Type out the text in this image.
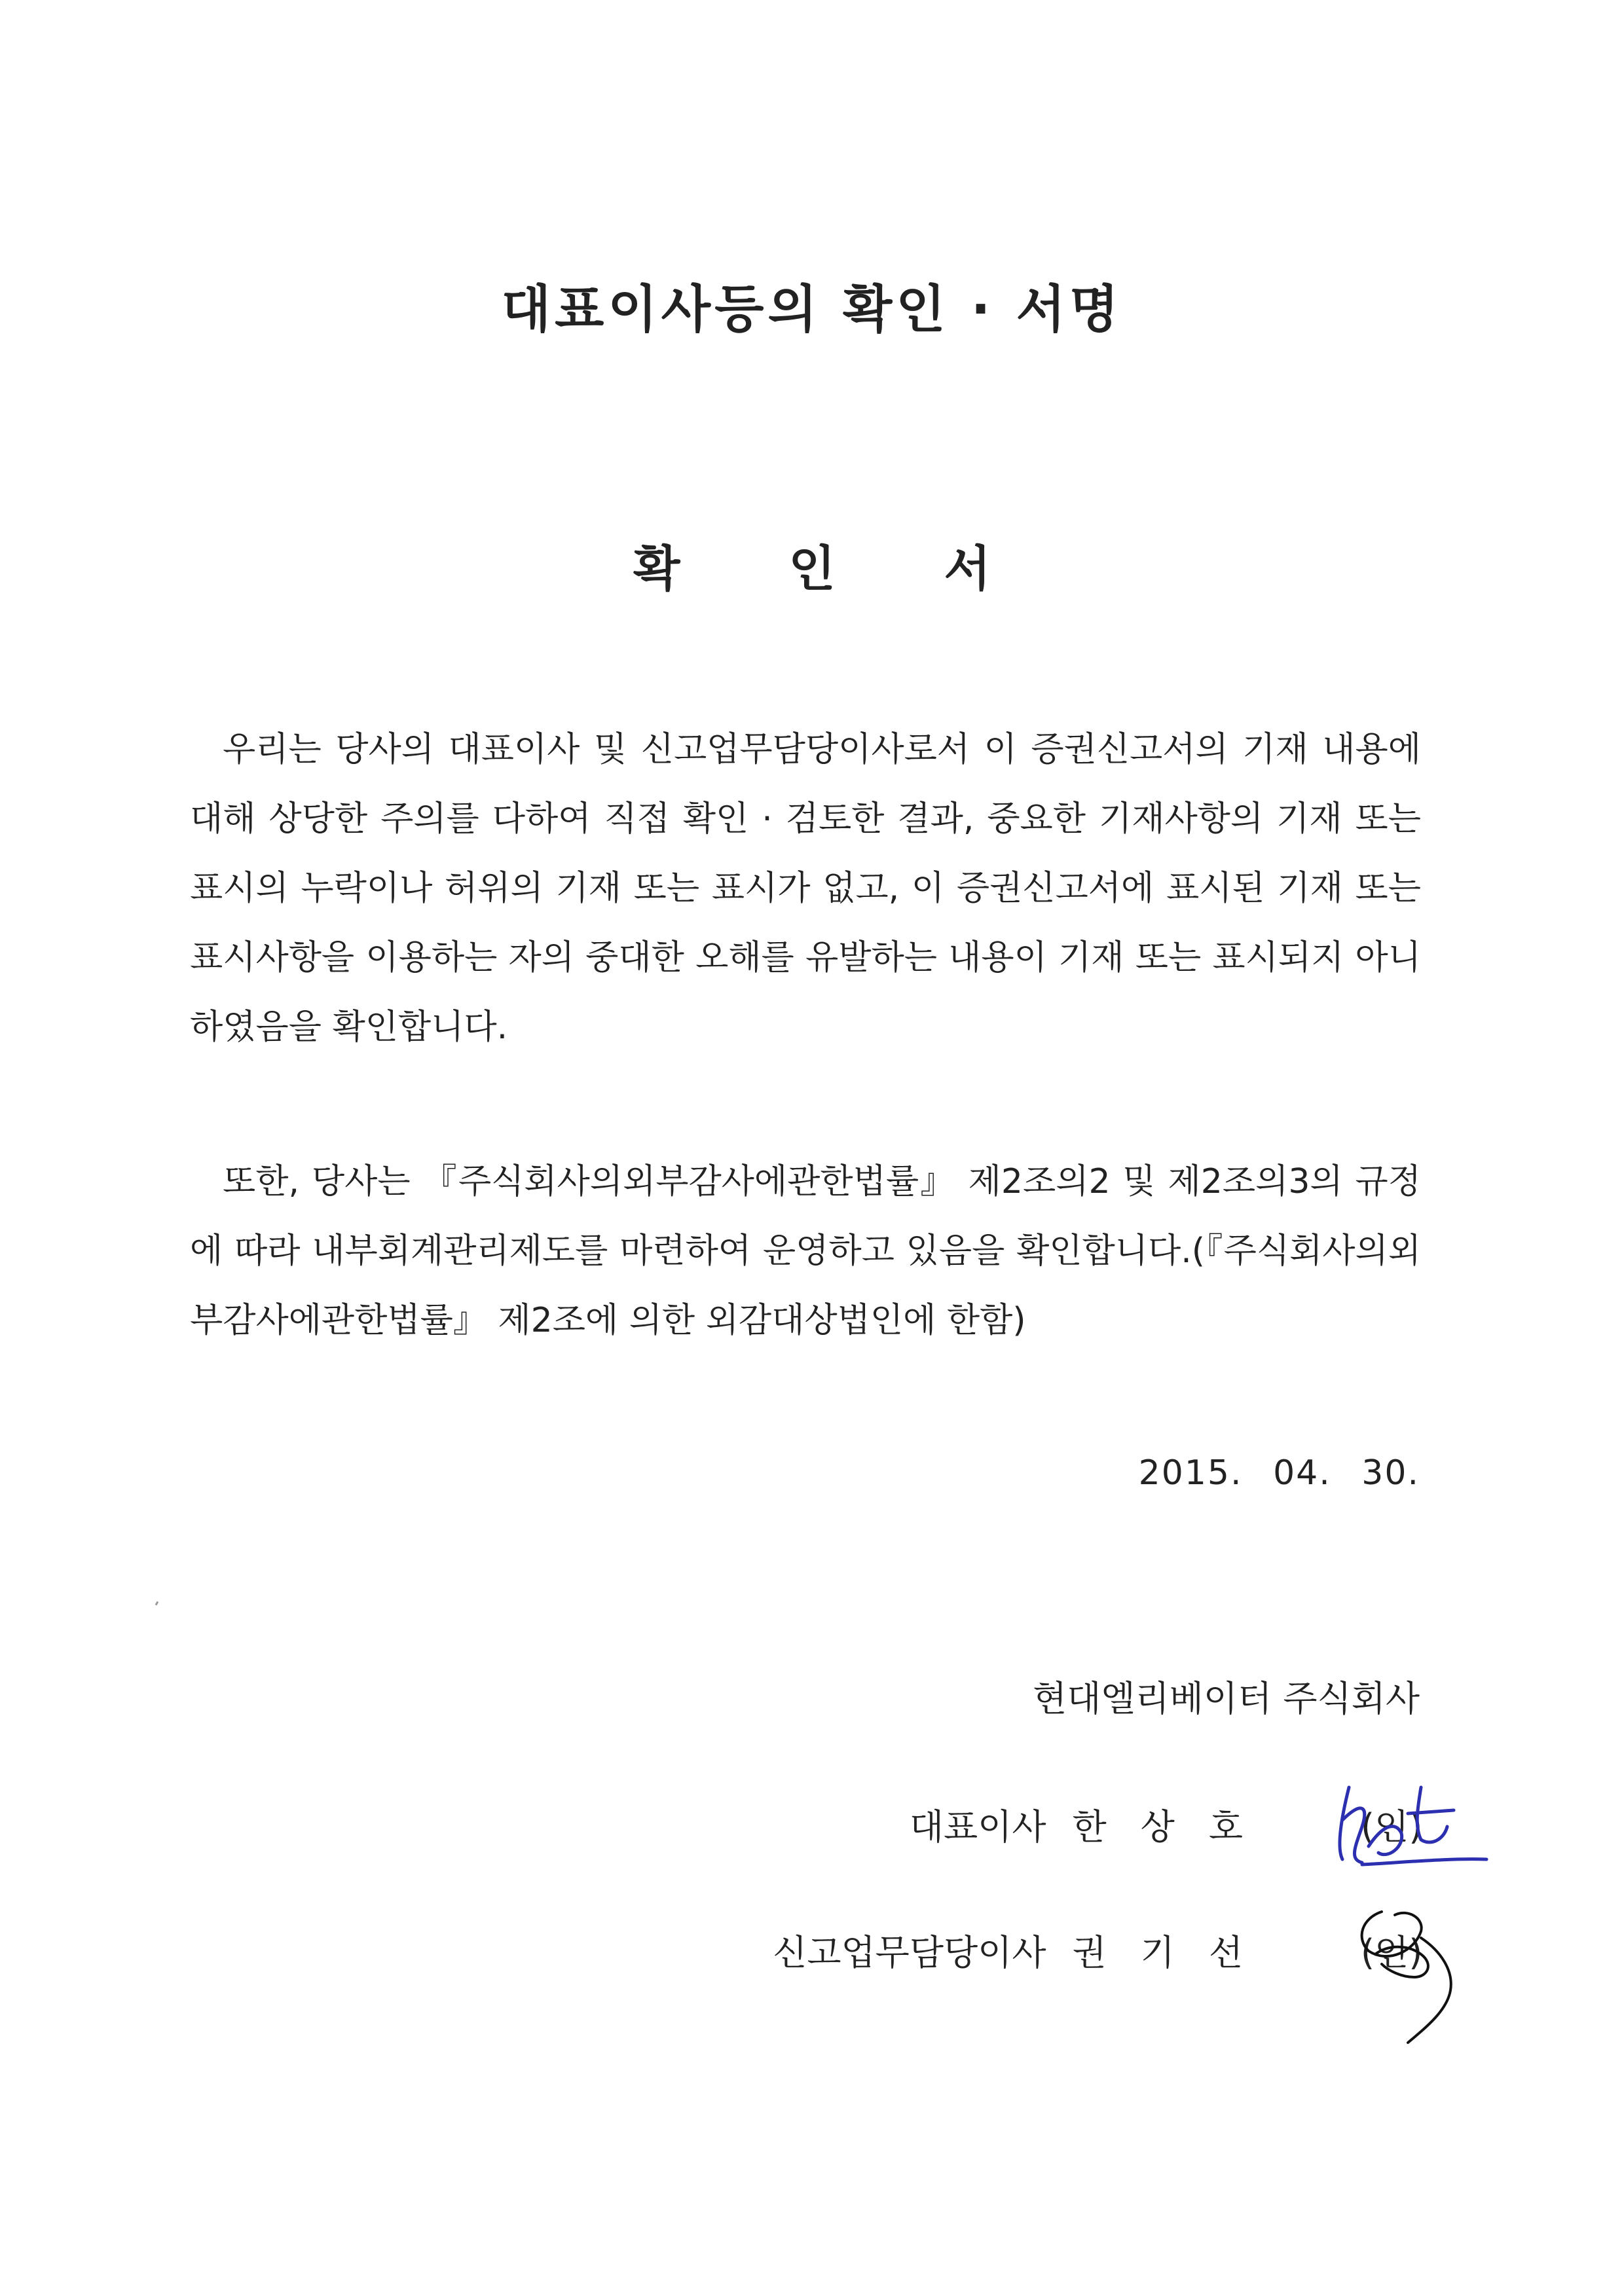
대표이사등의 확인 · 서명
확 인 서
우리는 당사의 대표이사 및 신고업무담당이사로서 이 증권신고서의 기재 내용에 대해 상당한 주의를 다하여 직접 확인 · 검토한 결과, 중요한 기재사항의 기재 또는 표시의 누락이나 허위의 기재 또는 표시가 없고, 이 증권신고서에 표시된 기재 또는 표시사항을 이용하는 자의 중대한 오해를 유발하는 내용이 기재 또는 표시되지 아니하였음을 확인합니다.
또한, 당사는 『주식회사의외부감사에관한법률』 제2조의2 및 제2조의3의 규정에 따라 내부회계관리제도를 마련하여 운영하고 있음을 확인합니다.(『주식회사의외부감사에관한법률』 제2조에 의한 외감대상법인에 한함)
2015. 04. 30.
현대엘리베이터 주식회사
대표이사 한상호 (인)
신고업무담당이사 권기선 (인)
